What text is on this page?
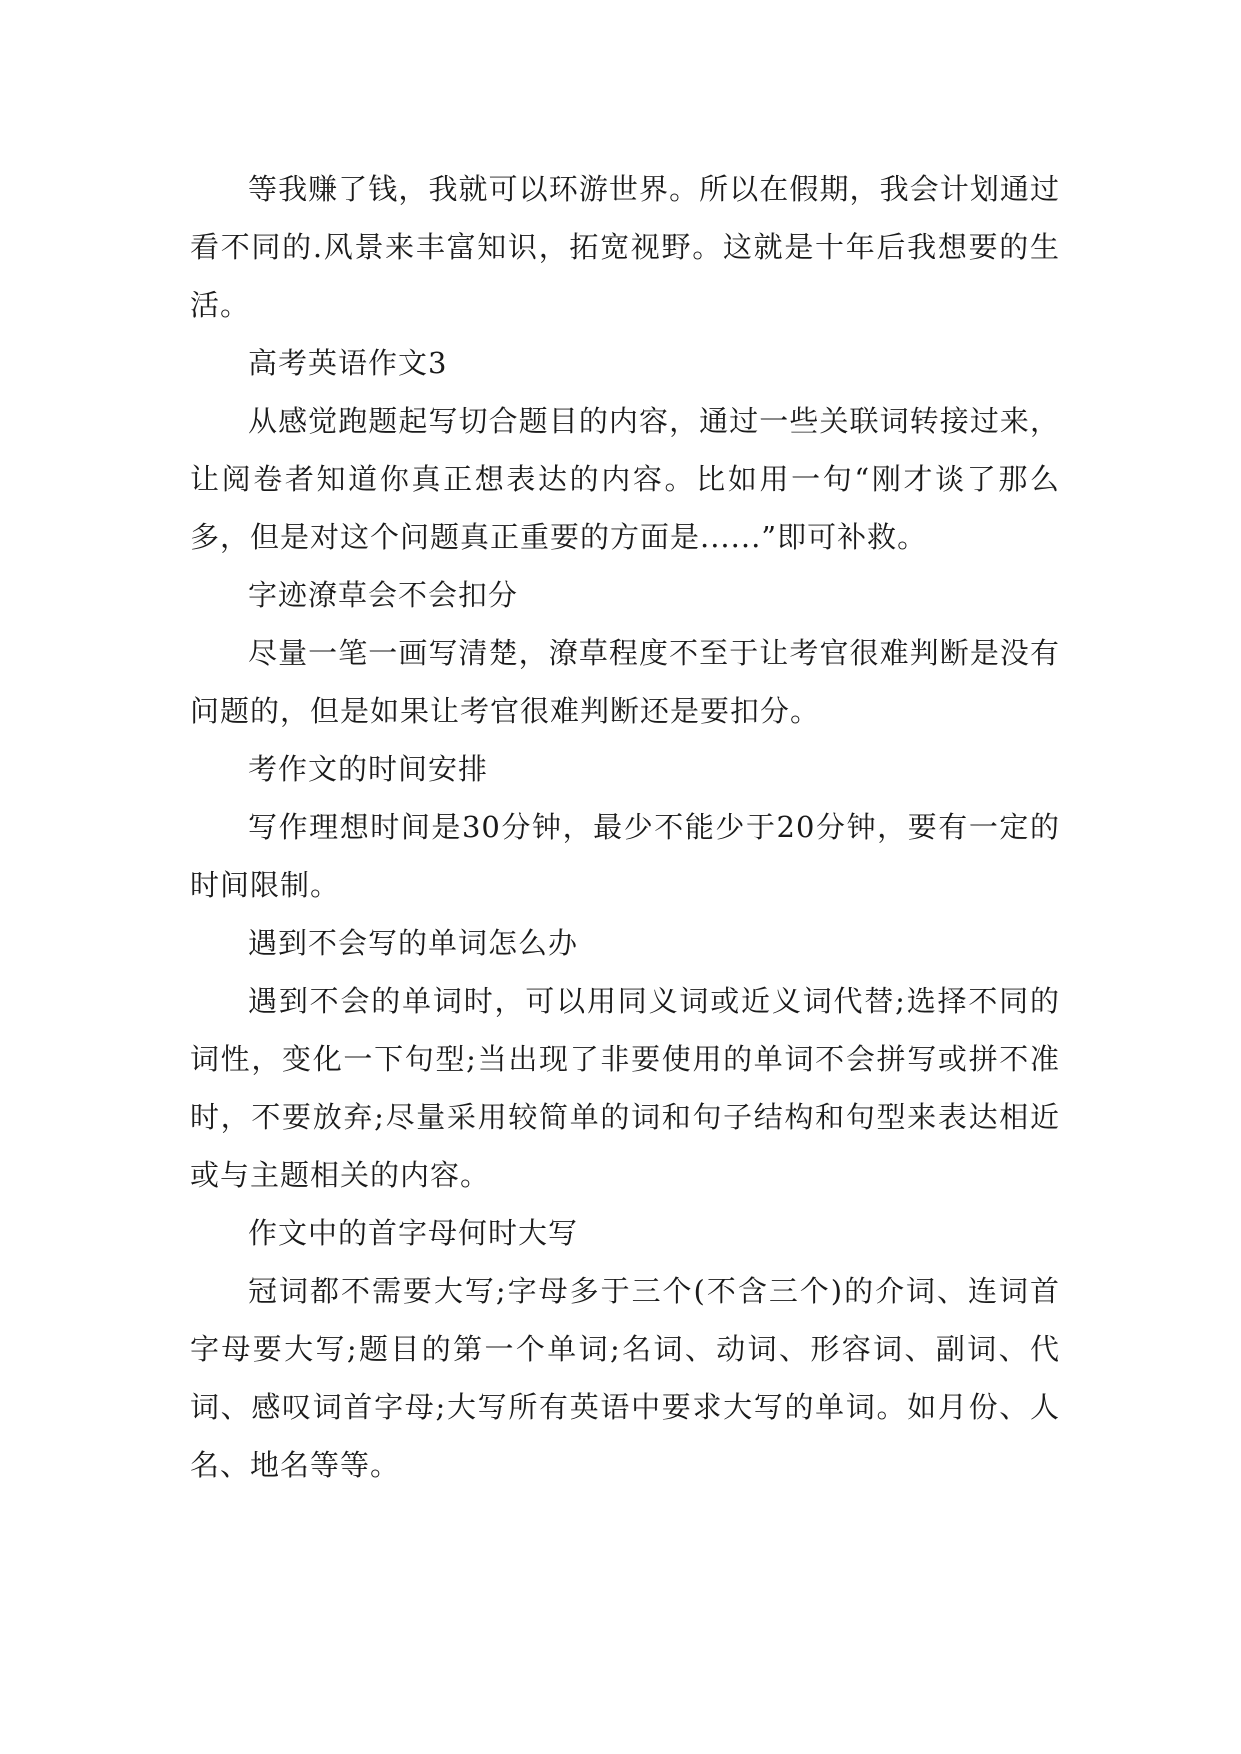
等我赚了钱，我就可以环游世界。所以在假期，我会计划通过看不同的.风景来丰富知识，拓宽视野。这就是十年后我想要的生活。

高考英语作文3

从感觉跑题起写切合题目的内容，通过一些关联词转接过来，让阅卷者知道你真正想表达的内容。比如用一句“刚才谈了那么多，但是对这个问题真正重要的方面是......”即可补救。

字迹潦草会不会扣分

尽量一笔一画写清楚，潦草程度不至于让考官很难判断是没有问题的，但是如果让考官很难判断还是要扣分。

考作文的时间安排

写作理想时间是30分钟，最少不能少于20分钟，要有一定的时间限制。

遇到不会写的单词怎么办

遇到不会的单词时，可以用同义词或近义词代替;选择不同的词性，变化一下句型;当出现了非要使用的单词不会拼写或拼不准时，不要放弃;尽量采用较简单的词和句子结构和句型来表达相近或与主题相关的内容。

作文中的首字母何时大写

冠词都不需要大写;字母多于三个(不含三个)的介词、连词首字母要大写;题目的第一个单词;名词、动词、形容词、副词、代词、感叹词首字母;大写所有英语中要求大写的单词。如月份、人名、地名等等。
